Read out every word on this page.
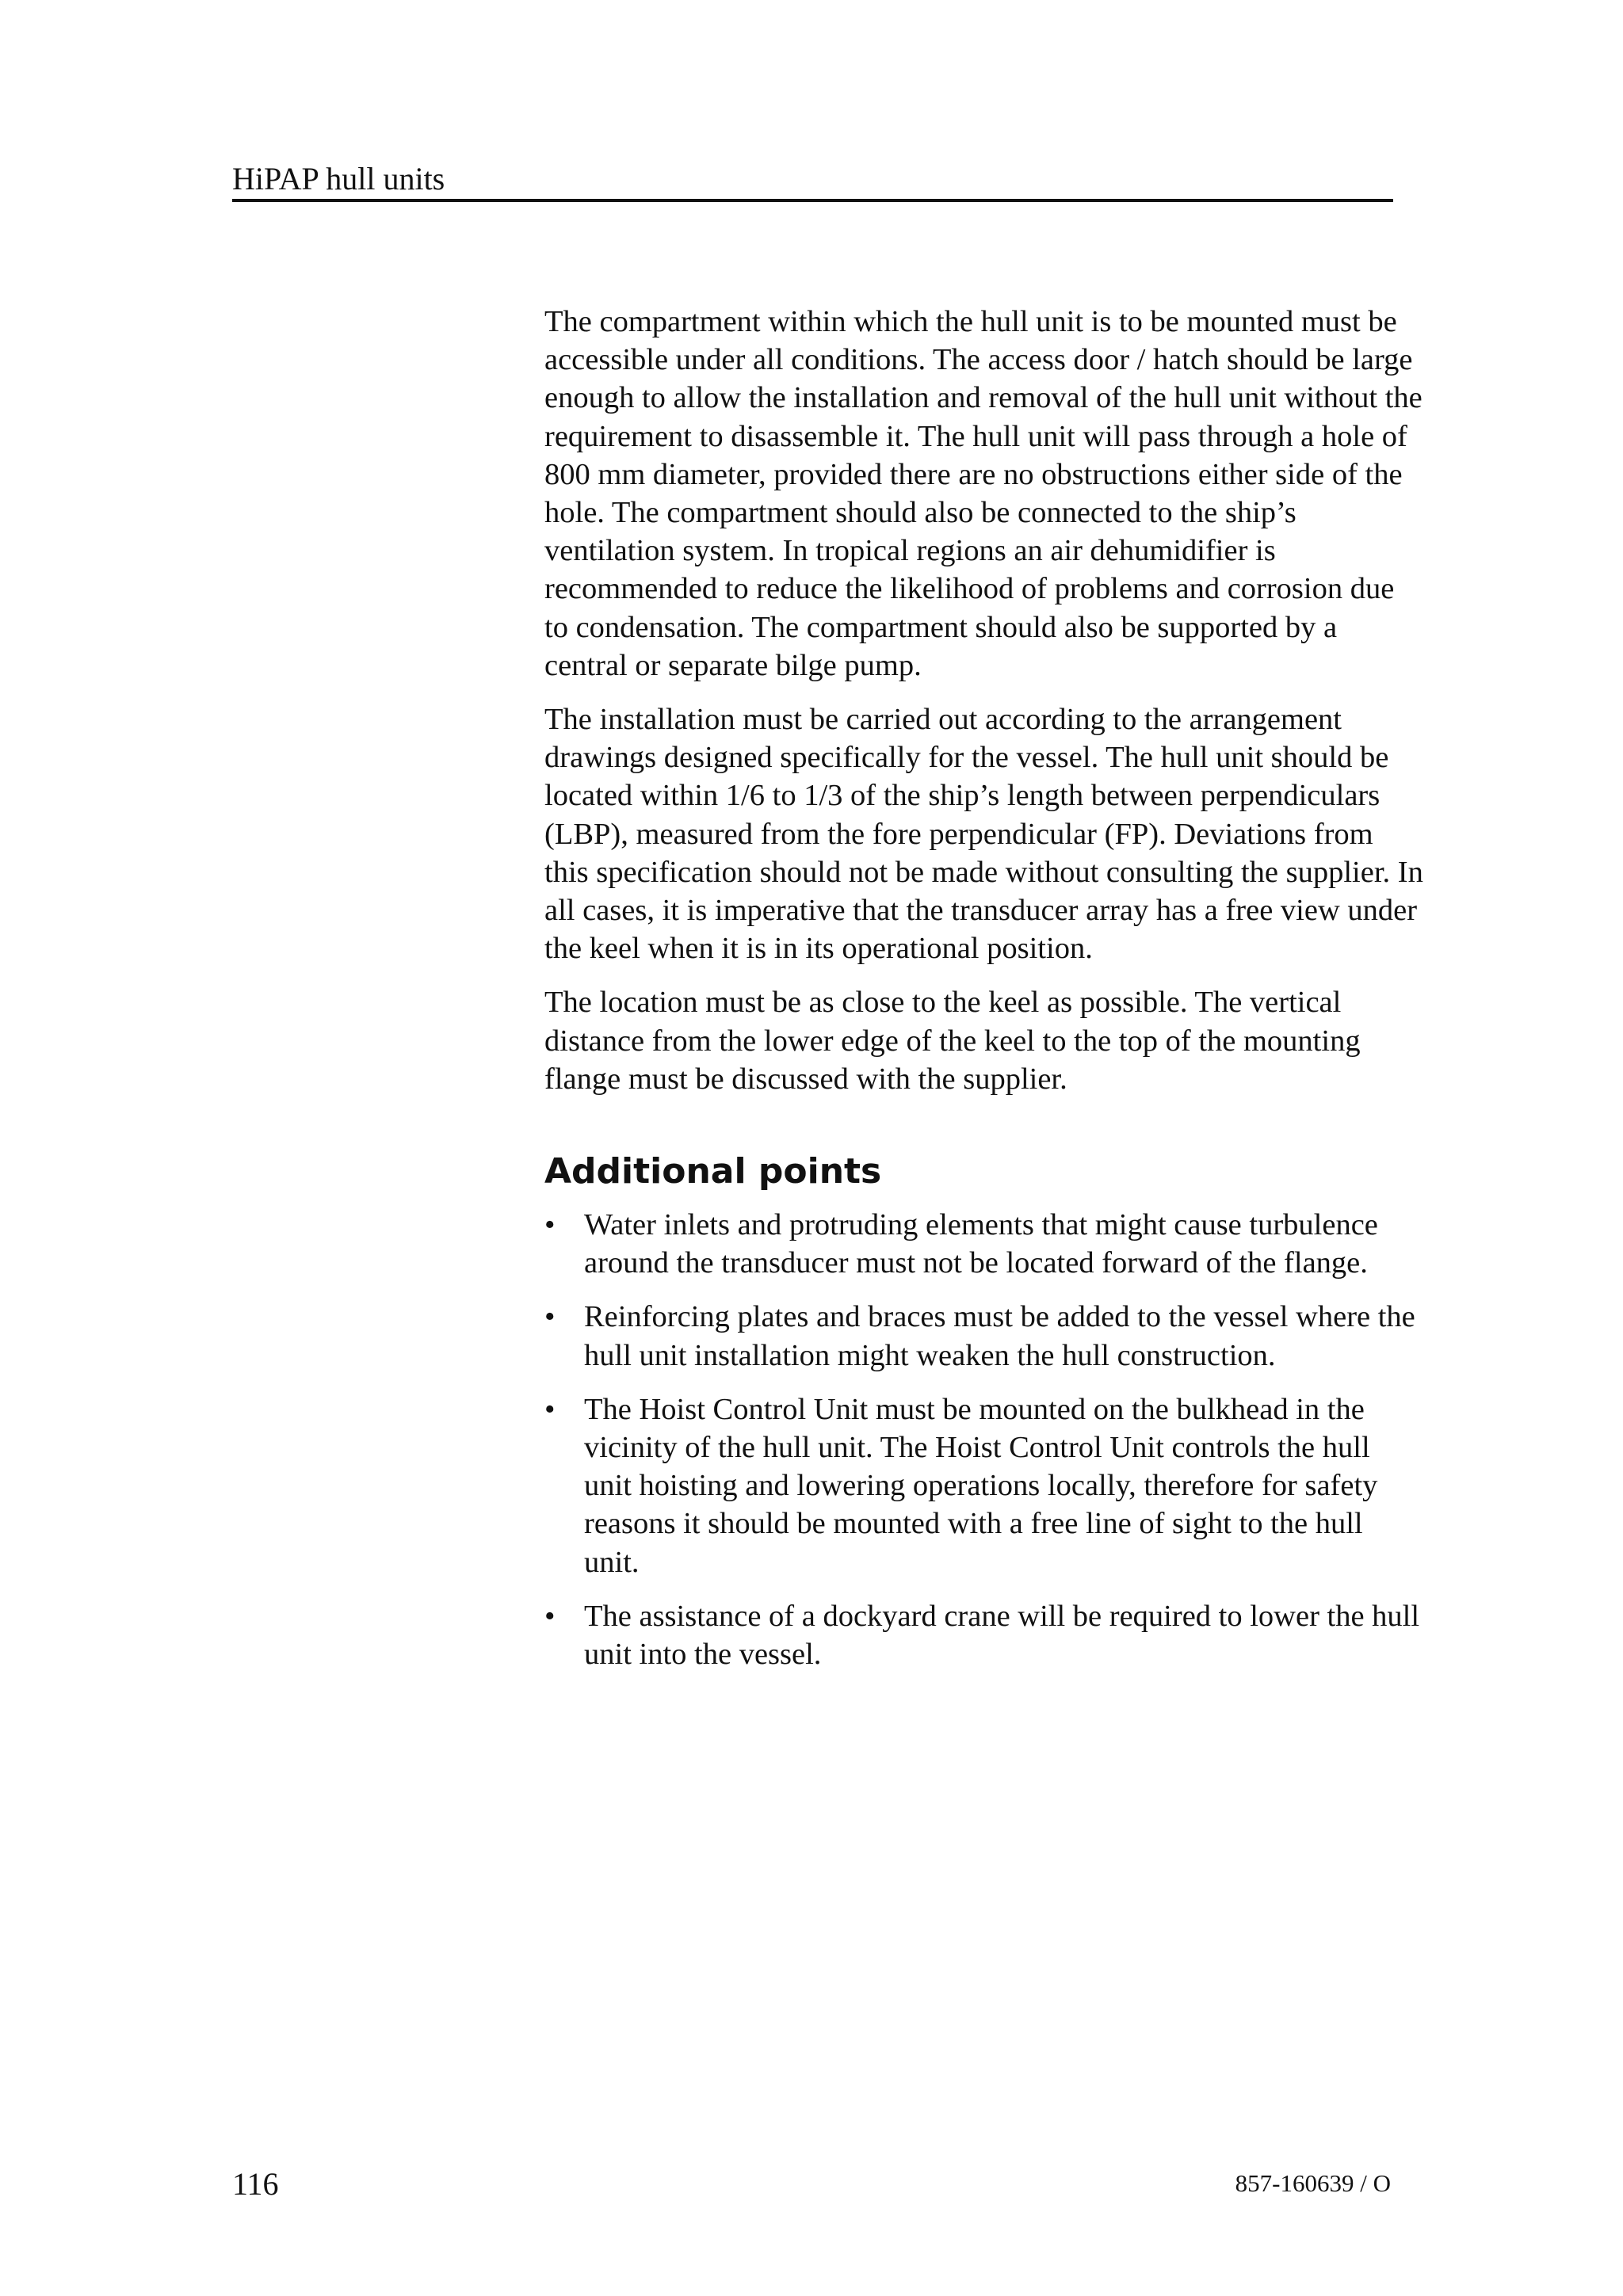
HiPAP hull units

The compartment within which the hull unit is to be mounted must be accessible under all conditions. The access door / hatch should be large enough to allow the installation and removal of the hull unit without the requirement to disassemble it. The hull unit will pass through a hole of 800 mm diameter, provided there are no obstructions either side of the hole. The compartment should also be connected to the ship’s ventilation system. In tropical regions an air dehumidifier is recommended to reduce the likelihood of problems and corrosion due to condensation. The compartment should also be supported by a central or separate bilge pump.

The installation must be carried out according to the arrangement drawings designed specifically for the vessel. The hull unit should be located within 1/6 to 1/3 of the ship’s length between perpendiculars (LBP), measured from the fore perpendicular (FP). Deviations from this specification should not be made without consulting the supplier. In all cases, it is imperative that the transducer array has a free view under the keel when it is in its operational position.

The location must be as close to the keel as possible. The vertical distance from the lower edge of the keel to the top of the mounting flange must be discussed with the supplier.

Additional points
• Water inlets and protruding elements that might cause turbulence around the transducer must not be located forward of the flange.
• Reinforcing plates and braces must be added to the vessel where the hull unit installation might weaken the hull construction.
• The Hoist Control Unit must be mounted on the bulkhead in the vicinity of the hull unit. The Hoist Control Unit controls the hull unit hoisting and lowering operations locally, therefore for safety reasons it should be mounted with a free line of sight to the hull unit.
• The assistance of a dockyard crane will be required to lower the hull unit into the vessel.
116	857-160639 / O
